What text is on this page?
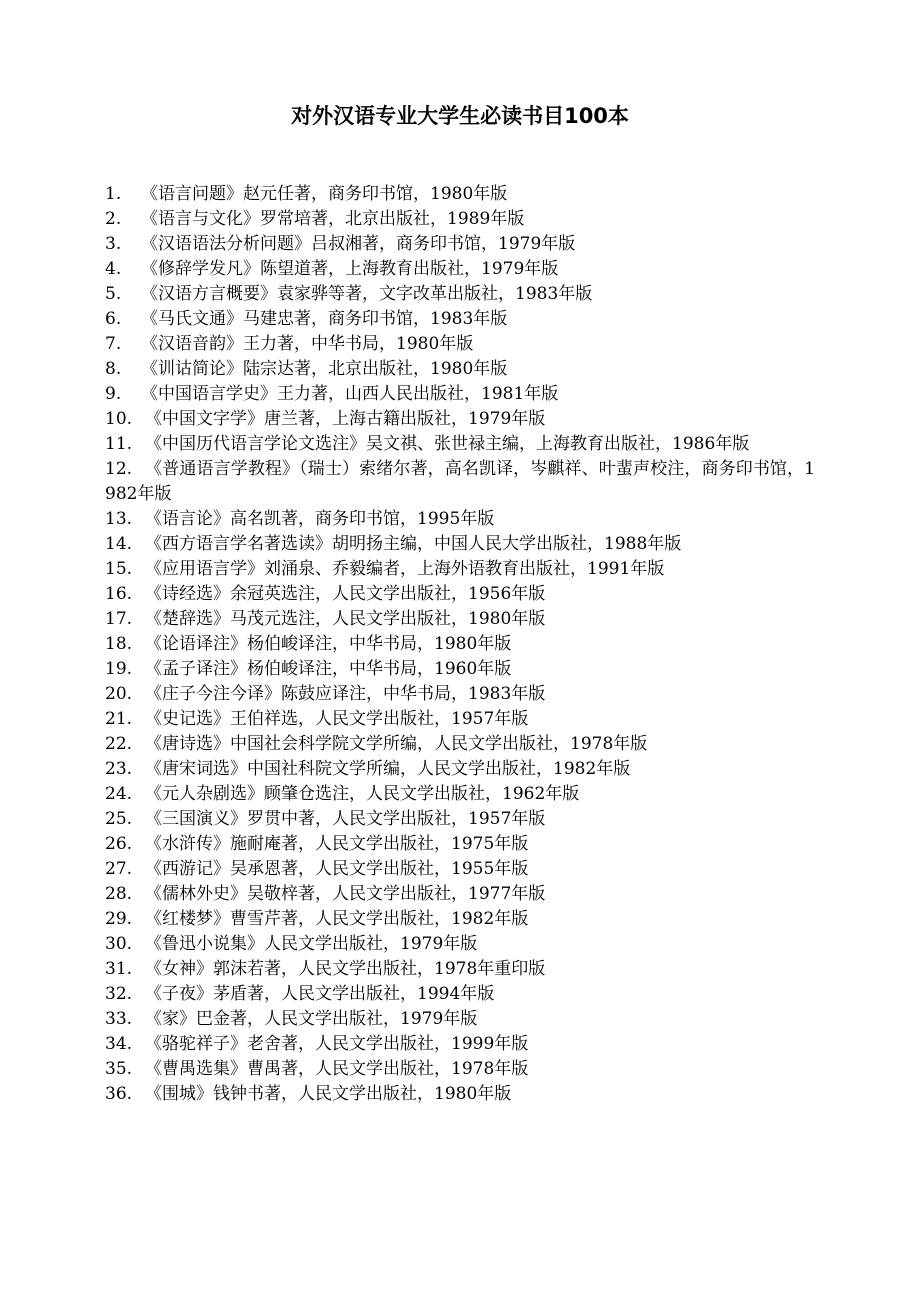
对外汉语专业大学生必读书目100本
1. 《语言问题》赵元任著，商务印书馆，1980年版
2. 《语言与文化》罗常培著，北京出版社，1989年版
3. 《汉语语法分析问题》吕叔湘著，商务印书馆，1979年版
4. 《修辞学发凡》陈望道著，上海教育出版社，1979年版
5. 《汉语方言概要》袁家骅等著，文字改革出版社，1983年版
6. 《马氏文通》马建忠著，商务印书馆，1983年版
7. 《汉语音韵》王力著，中华书局，1980年版
8. 《训诂简论》陆宗达著，北京出版社，1980年版
9. 《中国语言学史》王力著，山西人民出版社，1981年版
10. 《中国文字学》唐兰著，上海古籍出版社，1979年版
11. 《中国历代语言学论文选注》吴文祺、张世禄主编，上海教育出版社，1986年版
12. 《普通语言学教程》（瑞士）索绪尔著，高名凯译，岑麒祥、叶蜚声校注，商务印书馆，1982年版
13. 《语言论》高名凯著，商务印书馆，1995年版
14. 《西方语言学名著选读》胡明扬主编，中国人民大学出版社，1988年版
15. 《应用语言学》刘涌泉、乔毅编者，上海外语教育出版社，1991年版
16. 《诗经选》余冠英选注，人民文学出版社，1956年版
17. 《楚辞选》马茂元选注，人民文学出版社，1980年版
18. 《论语译注》杨伯峻译注，中华书局，1980年版
19. 《孟子译注》杨伯峻译注，中华书局，1960年版
20. 《庄子今注今译》陈鼓应译注，中华书局，1983年版
21. 《史记选》王伯祥选，人民文学出版社，1957年版
22. 《唐诗选》中国社会科学院文学所编，人民文学出版社，1978年版
23. 《唐宋词选》中国社科院文学所编，人民文学出版社，1982年版
24. 《元人杂剧选》顾肇仓选注，人民文学出版社，1962年版
25. 《三国演义》罗贯中著，人民文学出版社，1957年版
26. 《水浒传》施耐庵著，人民文学出版社，1975年版
27. 《西游记》吴承恩著，人民文学出版社，1955年版
28. 《儒林外史》吴敬梓著，人民文学出版社，1977年版
29. 《红楼梦》曹雪芹著，人民文学出版社，1982年版
30. 《鲁迅小说集》人民文学出版社，1979年版
31. 《女神》郭沫若著，人民文学出版社，1978年重印版
32. 《子夜》茅盾著，人民文学出版社，1994年版
33. 《家》巴金著，人民文学出版社，1979年版
34. 《骆驼祥子》老舍著，人民文学出版社，1999年版
35. 《曹禺选集》曹禺著，人民文学出版社，1978年版
36. 《围城》钱钟书著，人民文学出版社，1980年版
